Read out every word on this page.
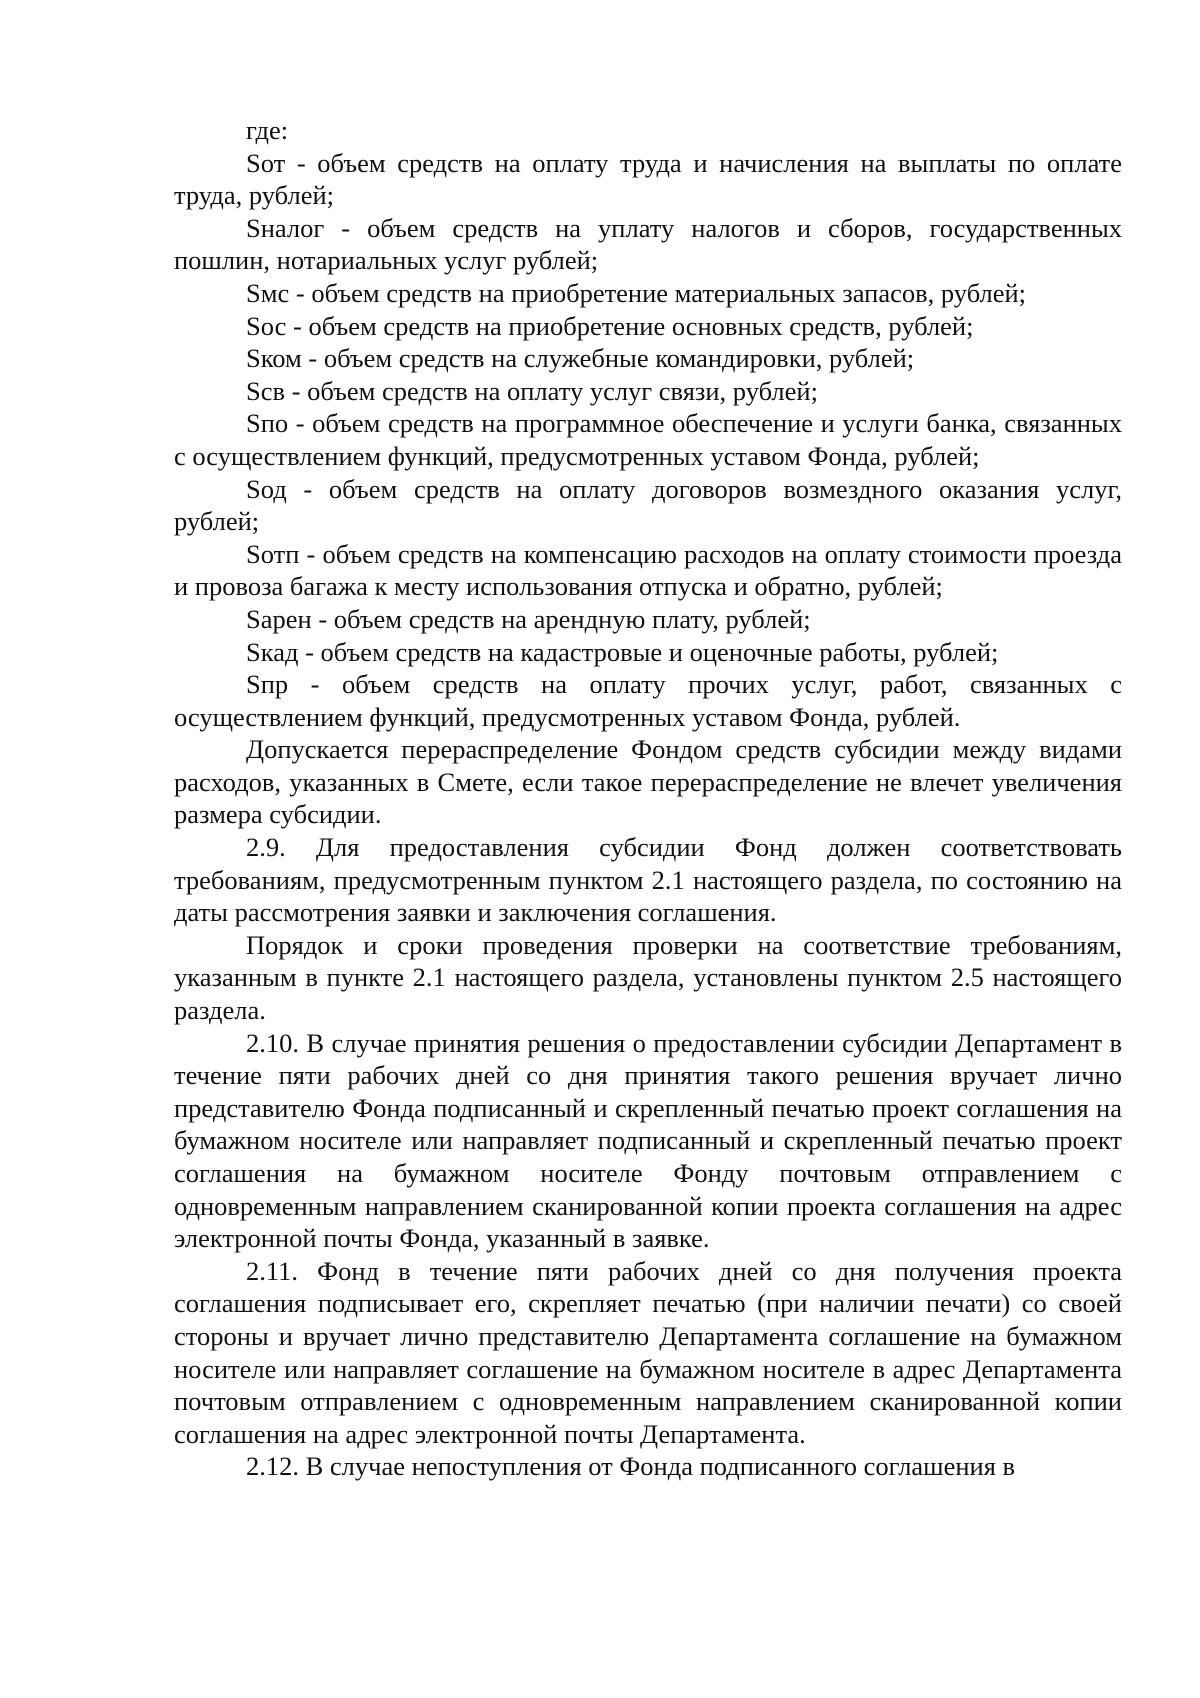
где:

Sот - объем средств на оплату труда и начисления на выплаты по оплате труда, рублей;

Sналог - объем средств на уплату налогов и сборов, государственных пошлин, нотариальных услуг рублей;

Sмс - объем средств на приобретение материальных запасов, рублей;

Sос - объем средств на приобретение основных средств, рублей;

Sком - объем средств на служебные командировки, рублей;

Sсв - объем средств на оплату услуг связи, рублей;

Sпо - объем средств на программное обеспечение и услуги банка, связанных с осуществлением функций, предусмотренных уставом Фонда, рублей;

Sод - объем средств на оплату договоров возмездного оказания услуг, рублей;

Sотп - объем средств на компенсацию расходов на оплату стоимости проезда и провоза багажа к месту использования отпуска и обратно, рублей;

Sарен - объем средств на арендную плату, рублей;

Sкад - объем средств на кадастровые и оценочные работы, рублей;

Sпр - объем средств на оплату прочих услуг, работ, связанных с осуществлением функций, предусмотренных уставом Фонда, рублей.

Допускается перераспределение Фондом средств субсидии между видами расходов, указанных в Смете, если такое перераспределение не влечет увеличения размера субсидии.

2.9. Для предоставления субсидии Фонд должен соответствовать требованиям, предусмотренным пунктом 2.1 настоящего раздела, по состоянию на даты рассмотрения заявки и заключения соглашения.

Порядок и сроки проведения проверки на соответствие требованиям, указанным в пункте 2.1 настоящего раздела, установлены пунктом 2.5 настоящего раздела.

2.10. В случае принятия решения о предоставлении субсидии Департамент в течение пяти рабочих дней со дня принятия такого решения вручает лично представителю Фонда подписанный и скрепленный печатью проект соглашения на бумажном носителе или направляет подписанный и скрепленный печатью проект соглашения на бумажном носителе Фонду почтовым отправлением с одновременным направлением сканированной копии проекта соглашения на адрес электронной почты Фонда, указанный в заявке.

2.11. Фонд в течение пяти рабочих дней со дня получения проекта соглашения подписывает его, скрепляет печатью (при наличии печати) со своей стороны и вручает лично представителю Департамента соглашение на бумажном носителе или направляет соглашение на бумажном носителе в адрес Департамента почтовым отправлением с одновременным направлением сканированной копии соглашения на адрес электронной почты Департамента.

2.12. В случае непоступления от Фонда подписанного соглашения в
